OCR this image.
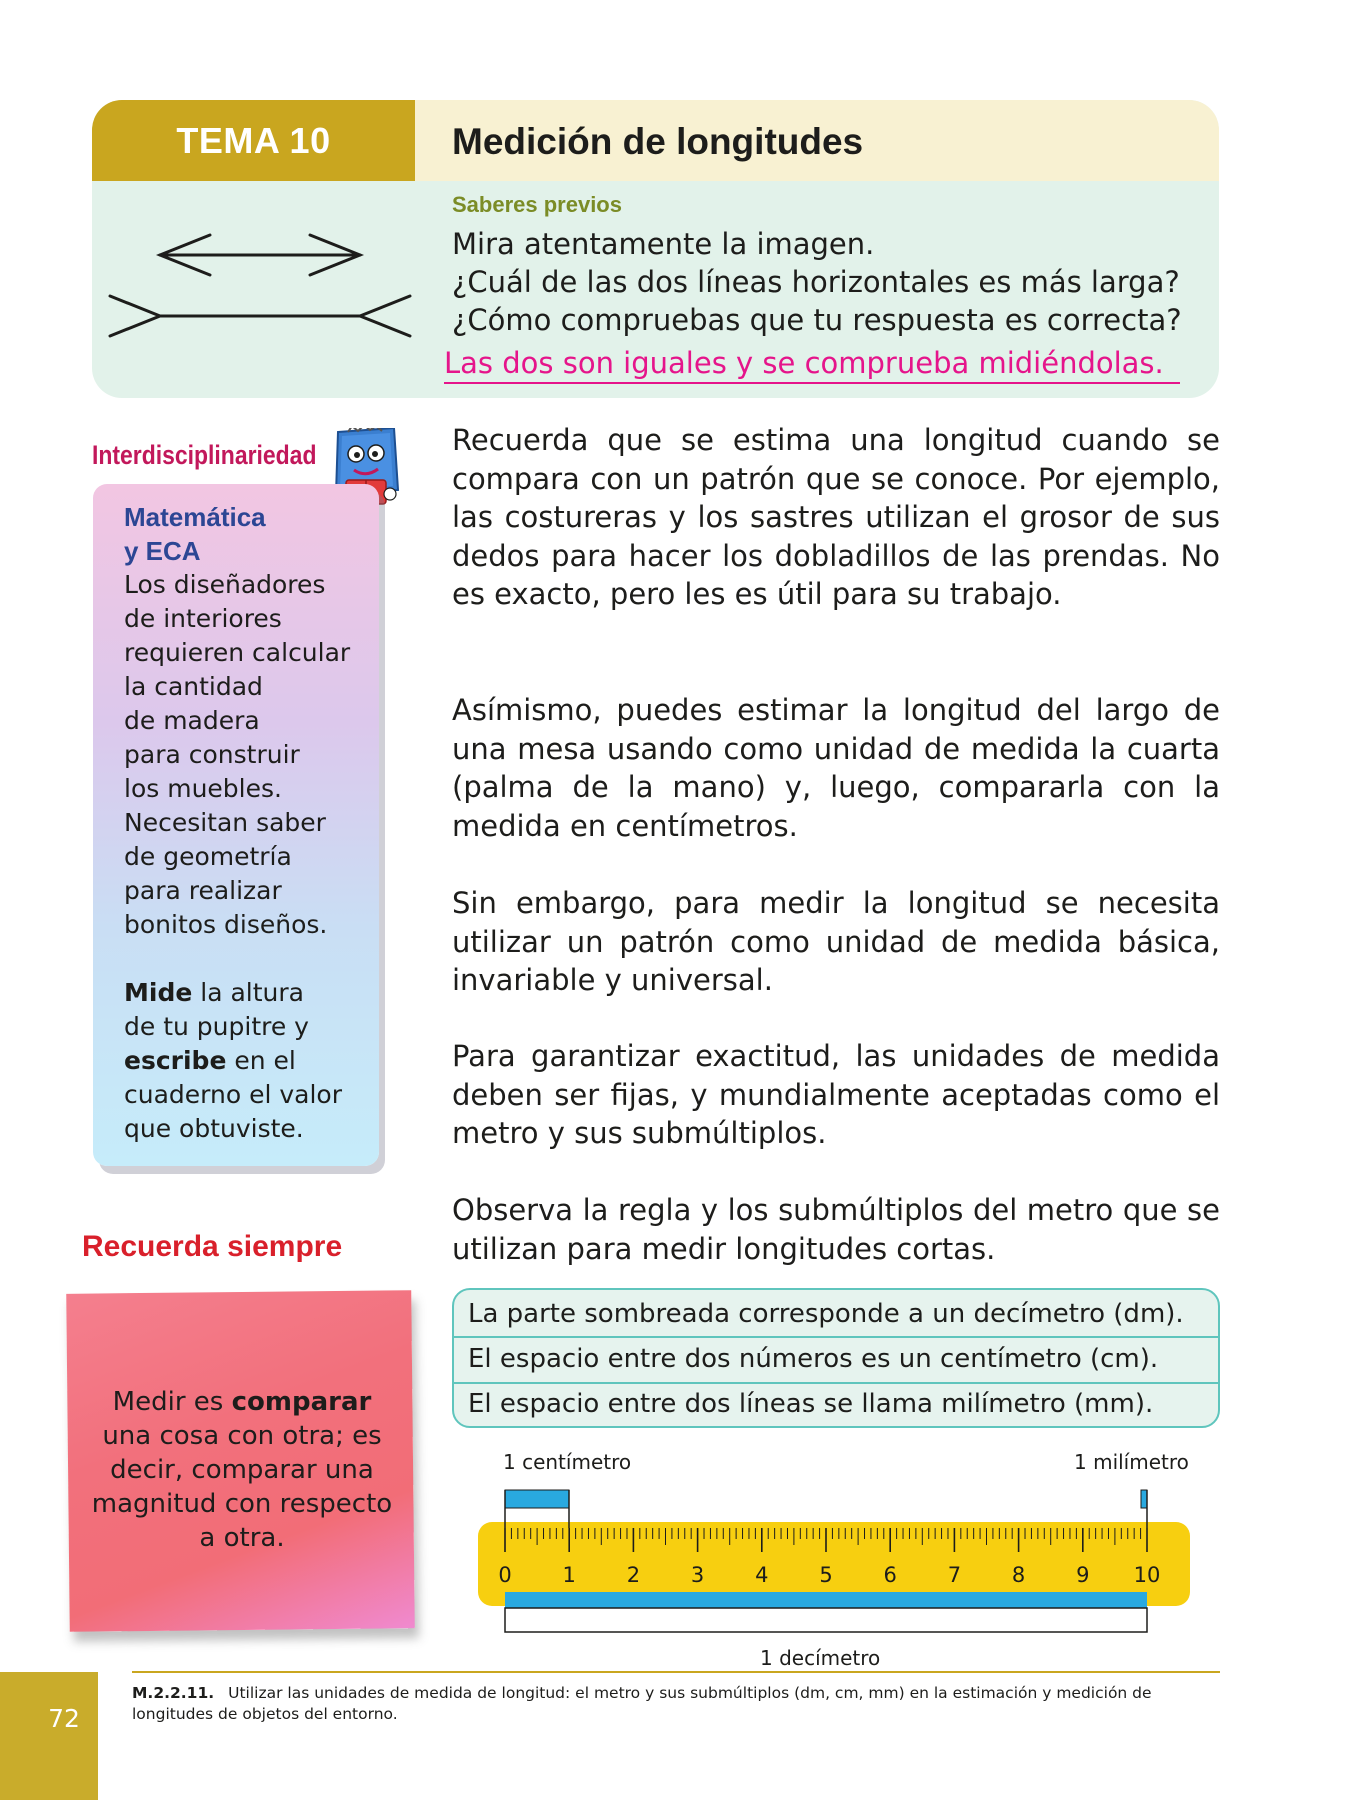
TEMA 10	Medición de longitudes
Saberes previos
Mira atentamente la imagen.
¿Cuál de las dos líneas horizontales es más larga?
¿Cómo compruebas que tu respuesta es correcta?
Las dos son iguales y se comprueba midiéndolas.
Interdisciplinariedad
Matemática
y ECA
Los diseñadores
de interiores
requieren calcular
la cantidad
de madera
para construir
los muebles.
Necesitan saber
de geometría
para realizar
bonitos diseños.
Mide la altura
de tu pupitre y
escribe en el
cuaderno el valor
que obtuviste.
Recuerda siempre
Medir es comparar
una cosa con otra; es decir, comparar una magnitud con respecto a otra.
Recuerda que se estima una longitud cuando se compara con un patrón que se conoce. Por ejemplo, las costureras y los sastres utilizan el grosor de sus dedos para hacer los dobladillos de las prendas. No es exacto, pero les es útil para su trabajo.
Asímismo, puedes estimar la longitud del largo de una mesa usando como unidad de medida la cuarta (palma de la mano) y, luego, compararla con la medida en centímetros.
Sin embargo, para medir la longitud se necesita utilizar un patrón como unidad de medida básica, invariable y universal.
Para garantizar exactitud, las unidades de medida deben ser fijas, y mundialmente aceptadas como el metro y sus submúltiplos.
Observa la regla y los submúltiplos del metro que se utilizan para medir longitudes cortas.
La parte sombreada corresponde a un decímetro (dm).
El espacio entre dos números es un centímetro (cm).
El espacio entre dos líneas se llama milímetro (mm).
1 centímetro	1 milímetro
0 1 2 3 4 5 6 7 8 9 10
1 decímetro
M.2.2.11. Utilizar las unidades de medida de longitud: el metro y sus submúltiplos (dm, cm, mm) en la estimación y medición de longitudes de objetos del entorno.
72
